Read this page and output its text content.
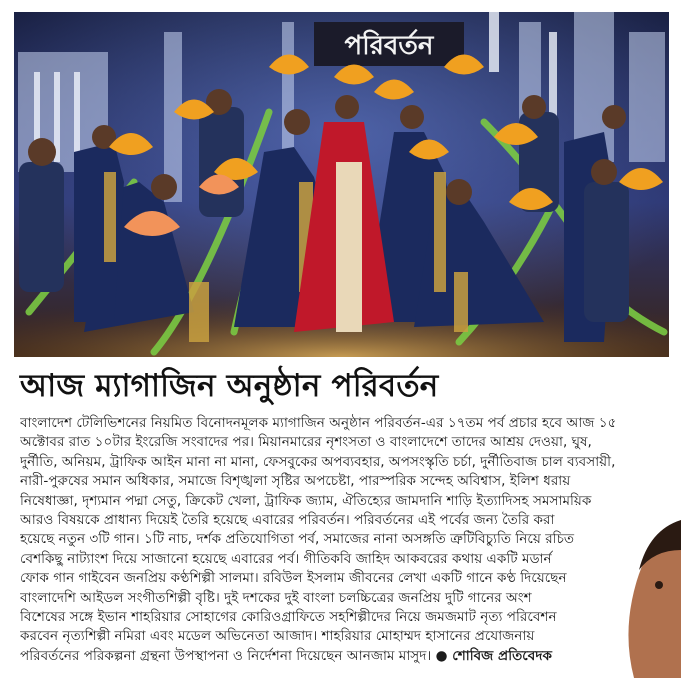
পরিবর্তন
আজ ম্যাগাজিন অনুষ্ঠান পরিবর্তন
বাংলাদেশ টেলিভিশনের নিয়মিত বিনোদনমূলক ম্যাগাজিন অনুষ্ঠান পরিবর্তন-এর ১৭তম পর্ব প্রচার হবে আজ ১৫
অক্টোবর রাত ১০টার ইংরেজি সংবাদের পর। মিয়ানমারের নৃশংসতা ও বাংলাদেশে তাদের আশ্রয় দেওয়া, ঘুষ,
দুর্নীতি, অনিয়ম, ট্রাফিক আইন মানা না মানা, ফেসবুকের অপব্যবহার, অপসংস্কৃতি চর্চা, দুর্নীতিবাজ চাল ব্যবসায়ী,
নারী-পুরুষের সমান অধিকার, সমাজে বিশৃঙ্খলা সৃষ্টির অপচেষ্টা, পারস্পরিক সন্দেহ অবিশ্বাস, ইলিশ ধরায়
নিষেধাজ্ঞা, দৃশ্যমান পদ্মা সেতু, ক্রিকেট খেলা, ট্রাফিক জ্যাম, ঐতিহ্যের জামদানি শাড়ি ইত্যাদিসহ সমসাময়িক
আরও বিষয়কে প্রাধান্য দিয়েই তৈরি হয়েছে এবারের পরিবর্তন। পরিবর্তনের এই পর্বের জন্য তৈরি করা
হয়েছে নতুন ৩টি গান। ১টি নাচ, দর্শক প্রতিযোগিতা পর্ব, সমাজের নানা অসঙ্গতি ত্রুটিবিচ্যুতি নিয়ে রচিত
বেশকিছু নাট্যাংশ দিয়ে সাজানো হয়েছে এবারের পর্ব। গীতিকবি জাহিদ আকবরের কথায় একটি মডার্ন
ফোক গান গাইবেন জনপ্রিয় কণ্ঠশিল্পী সালমা। রবিউল ইসলাম জীবনের লেখা একটি গানে কণ্ঠ দিয়েছেন
বাংলাদেশি আইডল সংগীতশিল্পী বৃষ্টি। দুই দশকের দুই বাংলা চলচ্চিত্রের জনপ্রিয় দুটি গানের অংশ
বিশেষের সঙ্গে ইভান শাহরিয়ার সোহাগের কোরিওগ্রাফিতে সহশিল্পীদের নিয়ে জমজমাট নৃত্য পরিবেশন
করবেন নৃত্যশিল্পী নমিরা এবং মডেল অভিনেতা আজাদ। শাহরিয়ার মোহাম্মদ হাসানের প্রযোজনায়
পরিবর্তনের পরিকল্পনা গ্রন্থনা উপস্থাপনা ও নির্দেশনা দিয়েছেন আনজাম মাসুদ। ● শোবিজ প্রতিবেদক
